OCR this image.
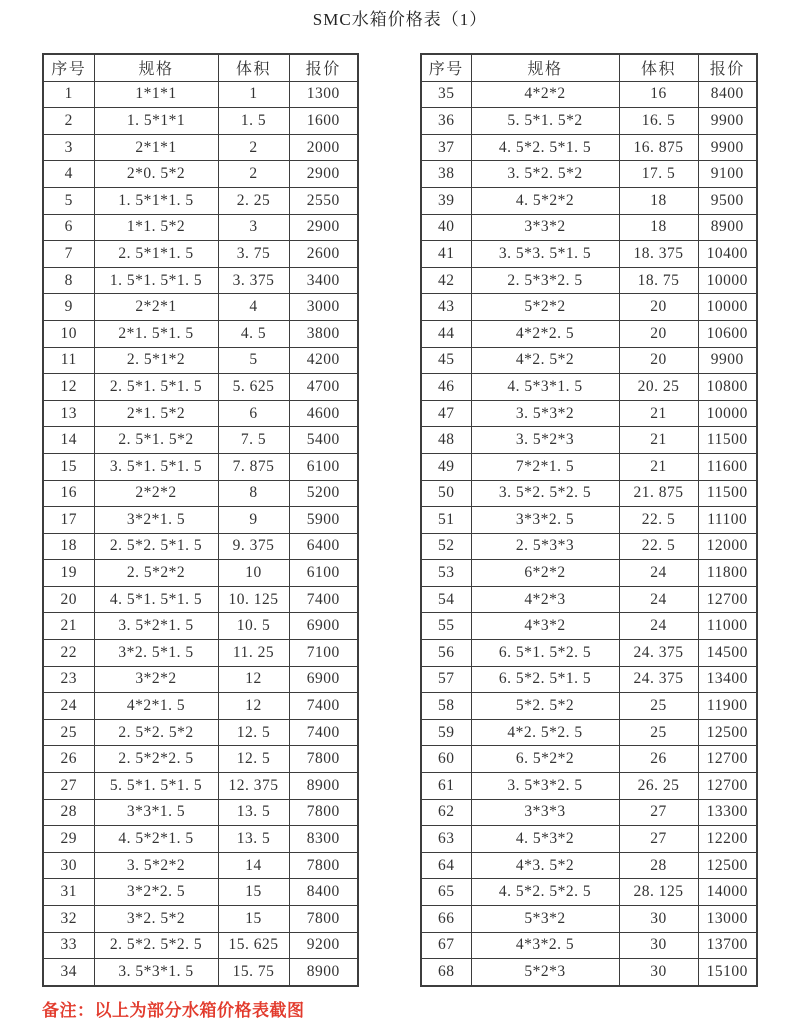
SMC水箱价格表（1）
序号	规格	体积	报价
1	1*1*1	1	1300
2	1. 5*1*1	1. 5	1600
3	2*1*1	2	2000
4	2*0. 5*2	2	2900
5	1. 5*1*1. 5	2. 25	2550
6	1*1. 5*2	3	2900
7	2. 5*1*1. 5	3. 75	2600
8	1. 5*1. 5*1. 5	3. 375	3400
9	2*2*1	4	3000
10	2*1. 5*1. 5	4. 5	3800
11	2. 5*1*2	5	4200
12	2. 5*1. 5*1. 5	5. 625	4700
13	2*1. 5*2	6	4600
14	2. 5*1. 5*2	7. 5	5400
15	3. 5*1. 5*1. 5	7. 875	6100
16	2*2*2	8	5200
17	3*2*1. 5	9	5900
18	2. 5*2. 5*1. 5	9. 375	6400
19	2. 5*2*2	10	6100
20	4. 5*1. 5*1. 5	10. 125	7400
21	3. 5*2*1. 5	10. 5	6900
22	3*2. 5*1. 5	11. 25	7100
23	3*2*2	12	6900
24	4*2*1. 5	12	7400
25	2. 5*2. 5*2	12. 5	7400
26	2. 5*2*2. 5	12. 5	7800
27	5. 5*1. 5*1. 5	12. 375	8900
28	3*3*1. 5	13. 5	7800
29	4. 5*2*1. 5	13. 5	8300
30	3. 5*2*2	14	7800
31	3*2*2. 5	15	8400
32	3*2. 5*2	15	7800
33	2. 5*2. 5*2. 5	15. 625	9200
34	3. 5*3*1. 5	15. 75	8900
序号	规格	体积	报价
35	4*2*2	16	8400
36	5. 5*1. 5*2	16. 5	9900
37	4. 5*2. 5*1. 5	16. 875	9900
38	3. 5*2. 5*2	17. 5	9100
39	4. 5*2*2	18	9500
40	3*3*2	18	8900
41	3. 5*3. 5*1. 5	18. 375	10400
42	2. 5*3*2. 5	18. 75	10000
43	5*2*2	20	10000
44	4*2*2. 5	20	10600
45	4*2. 5*2	20	9900
46	4. 5*3*1. 5	20. 25	10800
47	3. 5*3*2	21	10000
48	3. 5*2*3	21	11500
49	7*2*1. 5	21	11600
50	3. 5*2. 5*2. 5	21. 875	11500
51	3*3*2. 5	22. 5	11100
52	2. 5*3*3	22. 5	12000
53	6*2*2	24	11800
54	4*2*3	24	12700
55	4*3*2	24	11000
56	6. 5*1. 5*2. 5	24. 375	14500
57	6. 5*2. 5*1. 5	24. 375	13400
58	5*2. 5*2	25	11900
59	4*2. 5*2. 5	25	12500
60	6. 5*2*2	26	12700
61	3. 5*3*2. 5	26. 25	12700
62	3*3*3	27	13300
63	4. 5*3*2	27	12200
64	4*3. 5*2	28	12500
65	4. 5*2. 5*2. 5	28. 125	14000
66	5*3*2	30	13000
67	4*3*2. 5	30	13700
68	5*2*3	30	15100
备注：以上为部分水箱价格表截图
